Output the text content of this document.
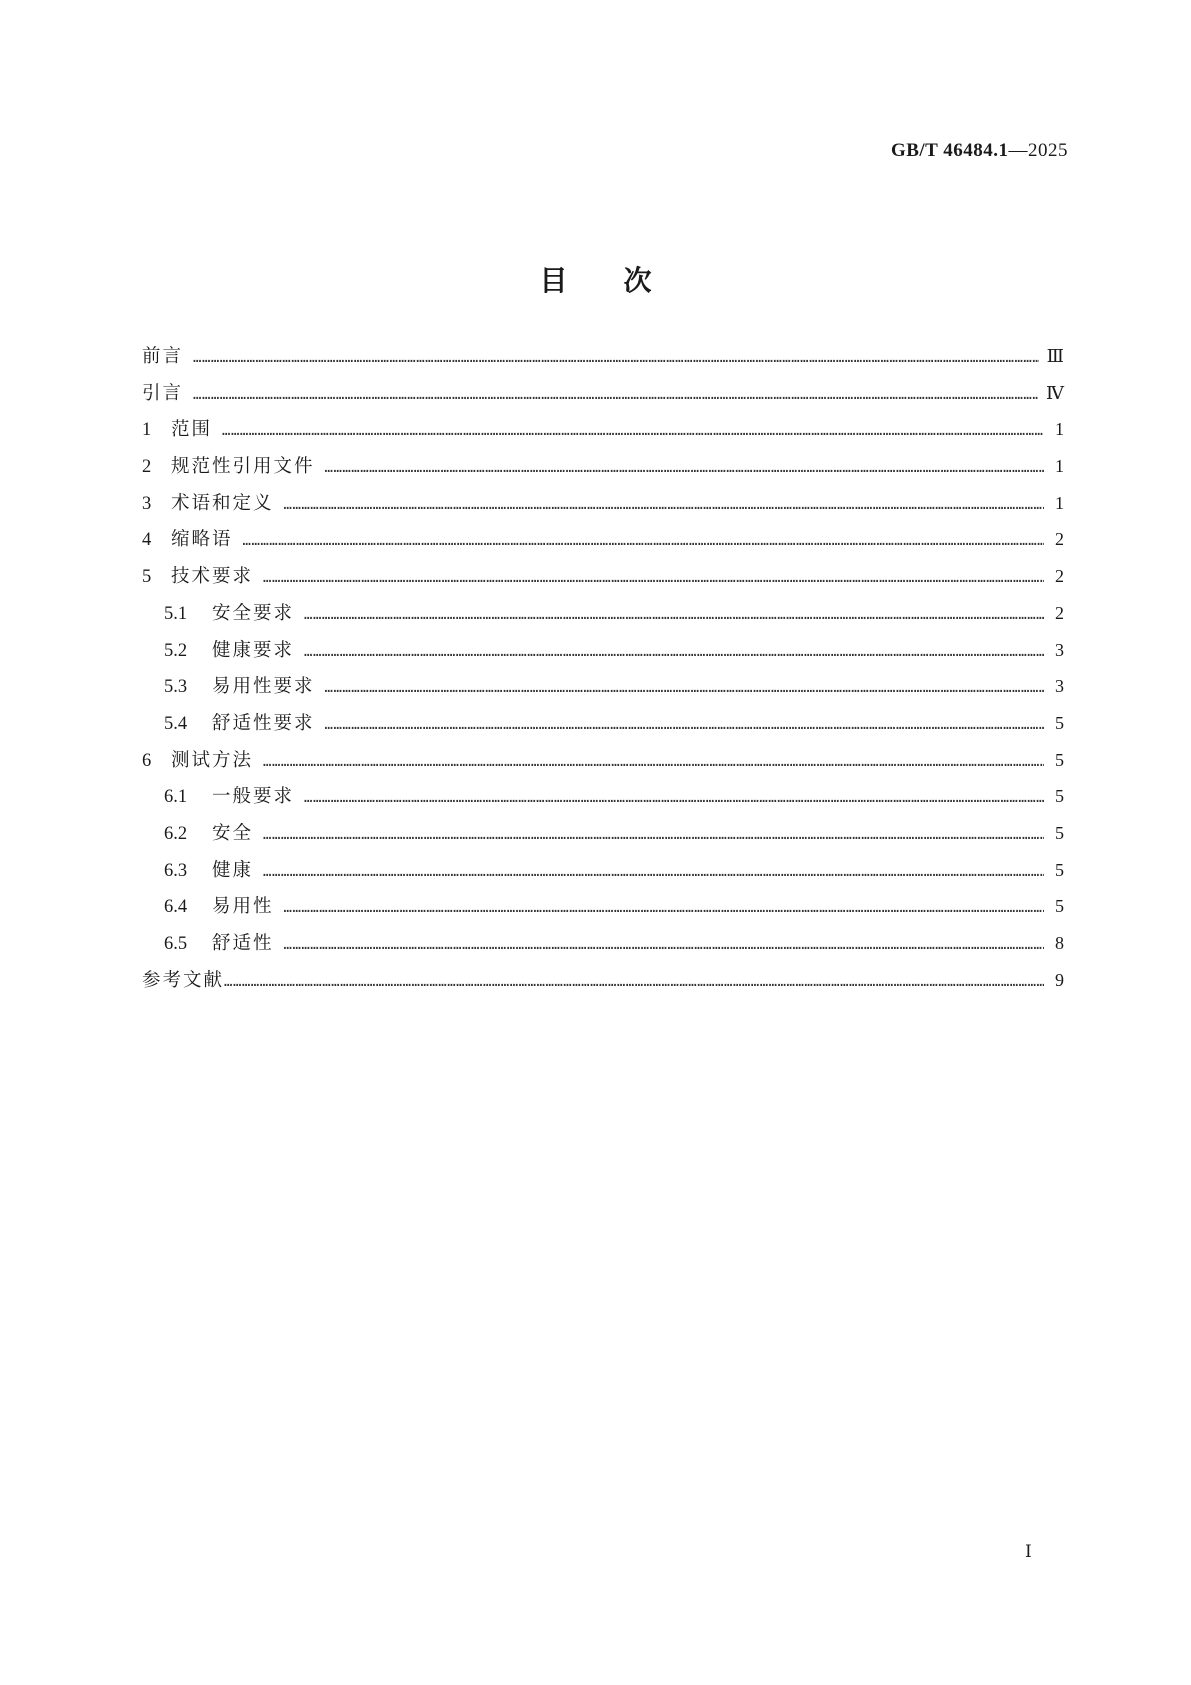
GB/T 46484.1—2025
目次
前言 …………………………………………………………………………………………………………………………………………………………………………………………………………………………………………………………………………	Ⅲ
引言 …………………………………………………………………………………………………………………………………………………………………………………………………………………………………………………………………………	Ⅳ
1	范围 …………………………………………………………………………………………………………………………………………………………………………………………………………………………………………………………………………	1
2	规范性引用文件 …………………………………………………………………………………………………………………………………………………………………………………………………………………………………………………………………………	1
3	术语和定义 …………………………………………………………………………………………………………………………………………………………………………………………………………………………………………………………………………	1
4	缩略语 …………………………………………………………………………………………………………………………………………………………………………………………………………………………………………………………………………	2
5	技术要求 …………………………………………………………………………………………………………………………………………………………………………………………………………………………………………………………………………	2
5.1	安全要求 …………………………………………………………………………………………………………………………………………………………………………………………………………………………………………………………………………	2
5.2	健康要求 …………………………………………………………………………………………………………………………………………………………………………………………………………………………………………………………………………	3
5.3	易用性要求 …………………………………………………………………………………………………………………………………………………………………………………………………………………………………………………………………………	3
5.4	舒适性要求 …………………………………………………………………………………………………………………………………………………………………………………………………………………………………………………………………………	5
6	测试方法 …………………………………………………………………………………………………………………………………………………………………………………………………………………………………………………………………………	5
6.1	一般要求 …………………………………………………………………………………………………………………………………………………………………………………………………………………………………………………………………………	5
6.2	安全 …………………………………………………………………………………………………………………………………………………………………………………………………………………………………………………………………………	5
6.3	健康 …………………………………………………………………………………………………………………………………………………………………………………………………………………………………………………………………………	5
6.4	易用性 …………………………………………………………………………………………………………………………………………………………………………………………………………………………………………………………………………	5
6.5	舒适性 …………………………………………………………………………………………………………………………………………………………………………………………………………………………………………………………………………	8
参考文献 …………………………………………………………………………………………………………………………………………………………………………………………………………………………………………………………………………	9
Ⅰ
